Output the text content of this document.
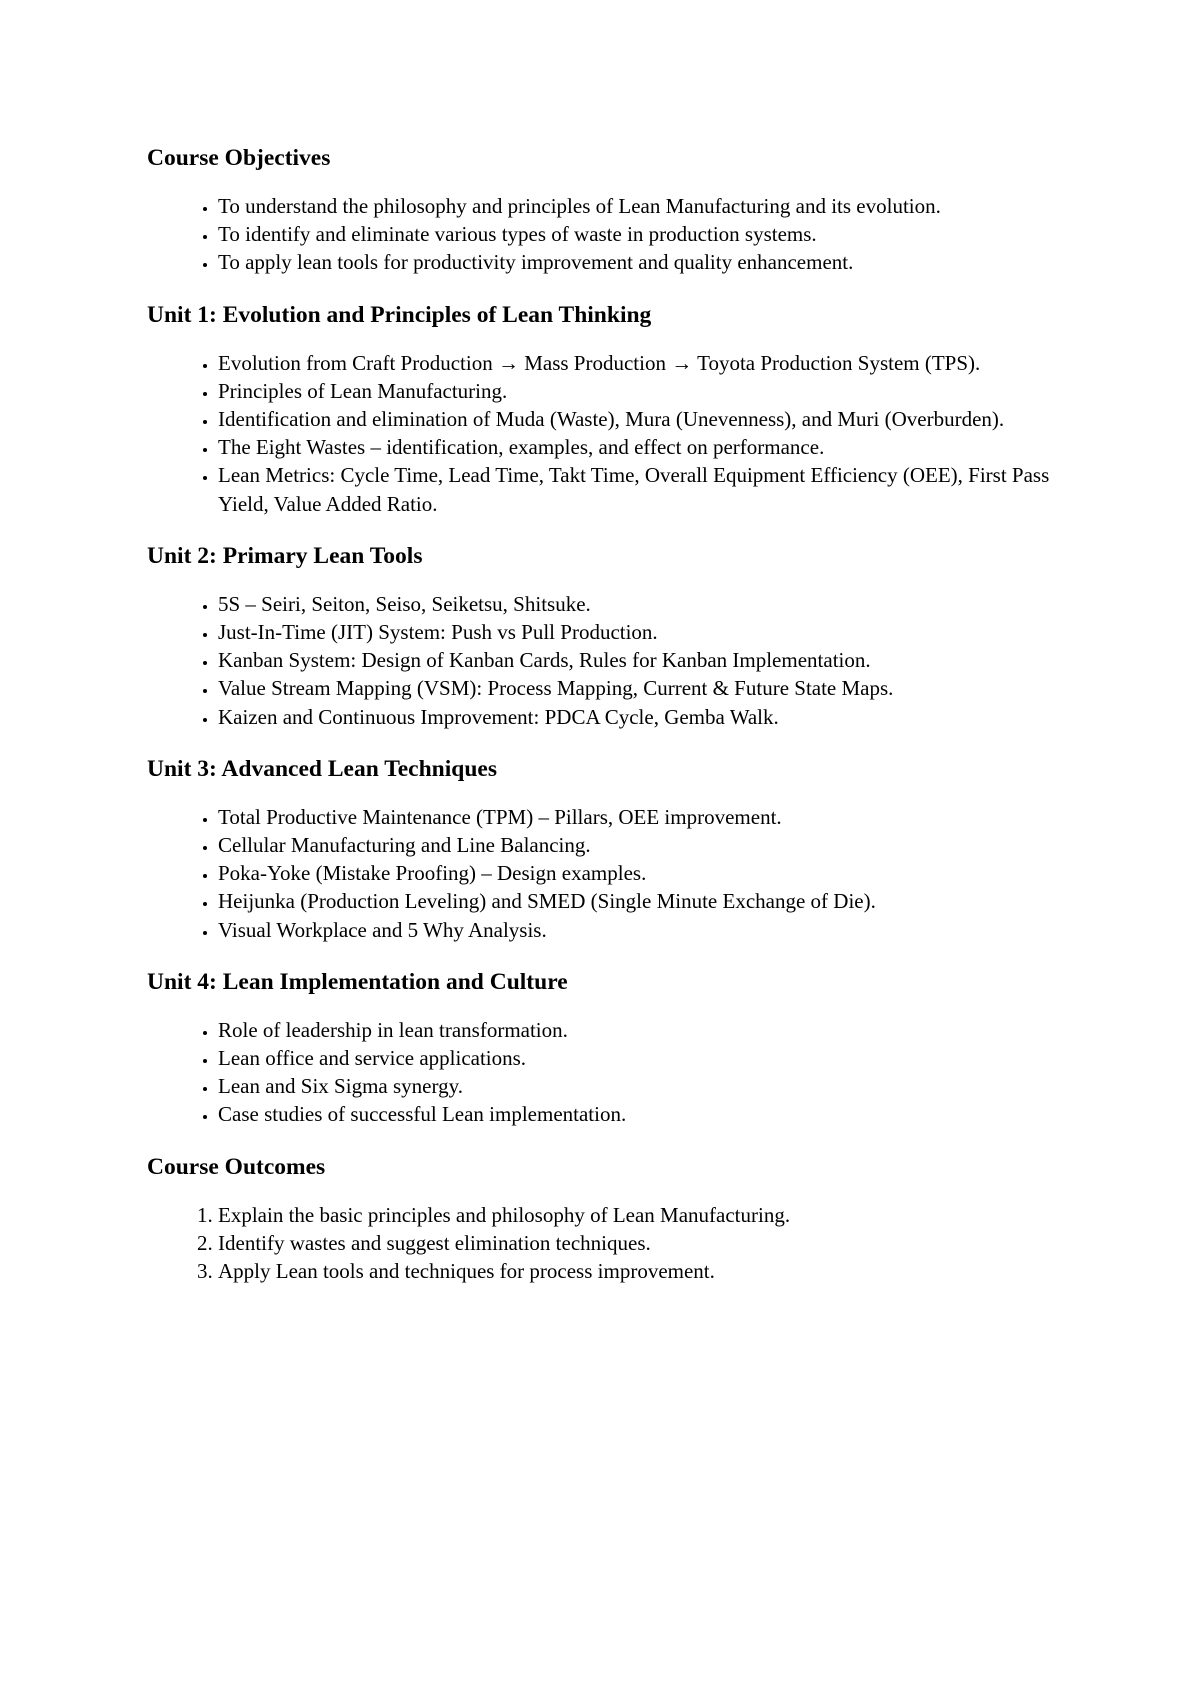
Course Objectives
• To understand the philosophy and principles of Lean Manufacturing and its evolution.
• To identify and eliminate various types of waste in production systems.
• To apply lean tools for productivity improvement and quality enhancement.
Unit 1: Evolution and Principles of Lean Thinking
• Evolution from Craft Production → Mass Production → Toyota Production System (TPS).
• Principles of Lean Manufacturing.
• Identification and elimination of Muda (Waste), Mura (Unevenness), and Muri (Overburden).
• The Eight Wastes – identification, examples, and effect on performance.
• Lean Metrics: Cycle Time, Lead Time, Takt Time, Overall Equipment Efficiency (OEE), First Pass Yield, Value Added Ratio.
Unit 2: Primary Lean Tools
• 5S – Seiri, Seiton, Seiso, Seiketsu, Shitsuke.
• Just-In-Time (JIT) System: Push vs Pull Production.
• Kanban System: Design of Kanban Cards, Rules for Kanban Implementation.
• Value Stream Mapping (VSM): Process Mapping, Current & Future State Maps.
• Kaizen and Continuous Improvement: PDCA Cycle, Gemba Walk.
Unit 3: Advanced Lean Techniques
• Total Productive Maintenance (TPM) – Pillars, OEE improvement.
• Cellular Manufacturing and Line Balancing.
• Poka-Yoke (Mistake Proofing) – Design examples.
• Heijunka (Production Leveling) and SMED (Single Minute Exchange of Die).
• Visual Workplace and 5 Why Analysis.
Unit 4: Lean Implementation and Culture
• Role of leadership in lean transformation.
• Lean office and service applications.
• Lean and Six Sigma synergy.
• Case studies of successful Lean implementation.
Course Outcomes
1. Explain the basic principles and philosophy of Lean Manufacturing.
2. Identify wastes and suggest elimination techniques.
3. Apply Lean tools and techniques for process improvement.
